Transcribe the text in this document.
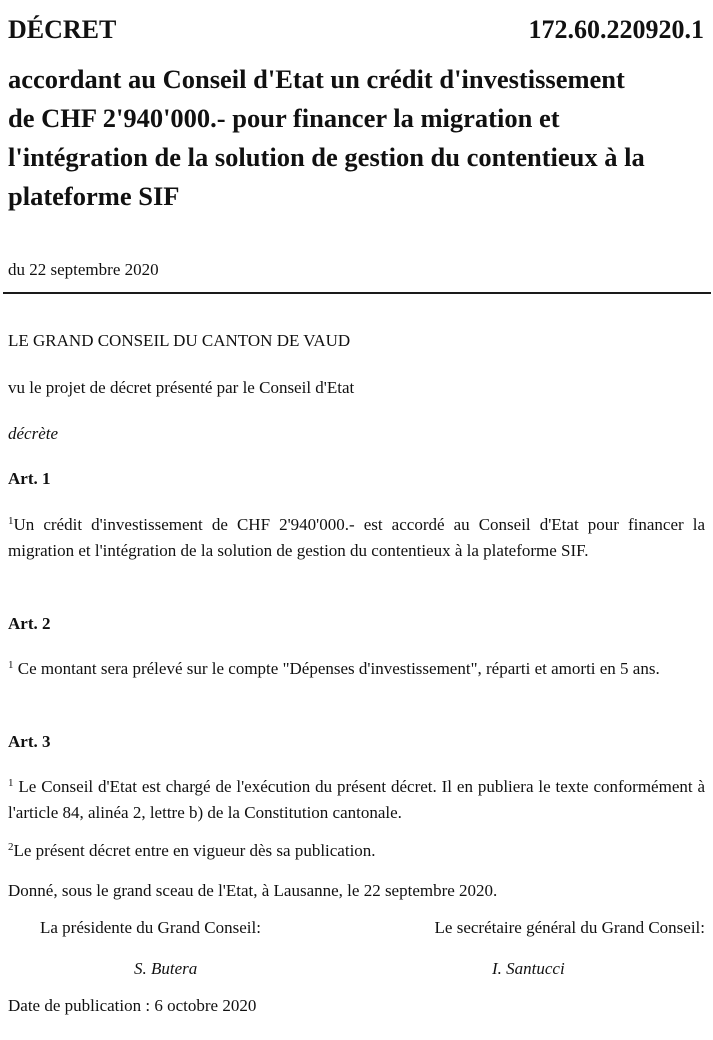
DÉCRET	172.60.220920.1
accordant au Conseil d'Etat un crédit d'investissement
de CHF 2'940'000.- pour financer la migration et
l'intégration de la solution de gestion du contentieux à la
plateforme SIF
du 22 septembre 2020
LE GRAND CONSEIL DU CANTON DE VAUD
vu le projet de décret présenté par le Conseil d'Etat
décrète
Art. 1
$^1$Un crédit d'investissement de CHF 2'940'000.- est accordé au Conseil d'Etat pour financer la migration et l'intégration de la solution de gestion du contentieux à la plateforme SIF.
Art. 2
$^1$ Ce montant sera prélevé sur le compte "Dépenses d'investissement", réparti et amorti en 5 ans.
Art. 3
$^1$ Le Conseil d'Etat est chargé de l'exécution du présent décret. Il en publiera le texte conformément à l'article 84, alinéa 2, lettre b) de la Constitution cantonale.
$^2$Le présent décret entre en vigueur dès sa publication.
Donné, sous le grand sceau de l'Etat, à Lausanne, le 22 septembre 2020.
La présidente du Grand Conseil:	Le secrétaire général du Grand Conseil:
S. Butera	I. Santucci
Date de publication : 6 octobre 2020
